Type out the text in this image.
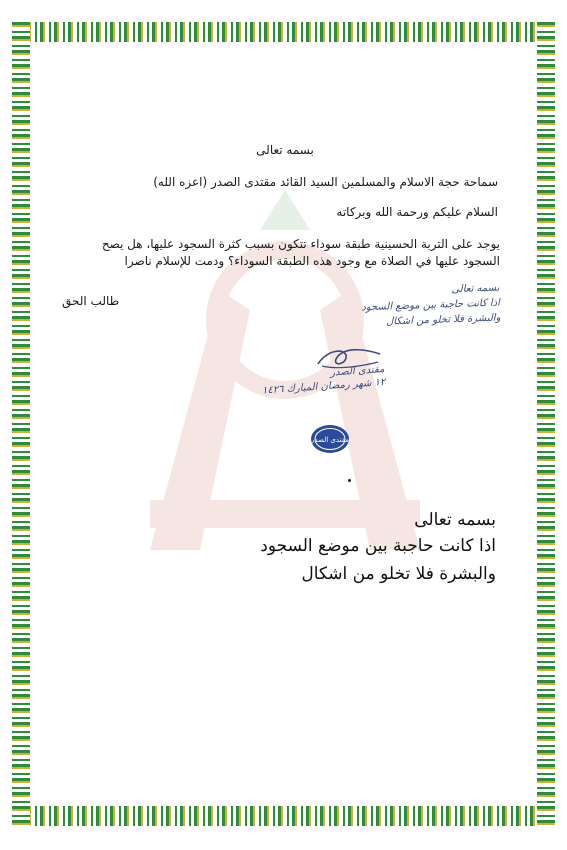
بسمه تعالى
سماحة حجة الاسلام والمسلمين السيد القائد مقتدى الصدر (اعزه الله)
السلام عليكم ورحمة الله وبركاته
يوجد على التربة الحسينية طبقة سوداء تتكون بسبب كثرة السجود عليها، هل يصح السجود عليها في الصلاة مع وجود هذه الطبقة السوداء؟ ودمت للإسلام ناصرا
طالب الحق
بسمه تعالى
اذا كانت حاجبة بين موضع السجود
والبشرة فلا تخلو من اشكال
مقتدى الصدر
١٢ شهر رمضان المبارك ١٤٢٦
مقتدى الصدر
بسمه تعالى
اذا كانت حاجبة بين موضع السجود
والبشرة فلا تخلو من اشكال
